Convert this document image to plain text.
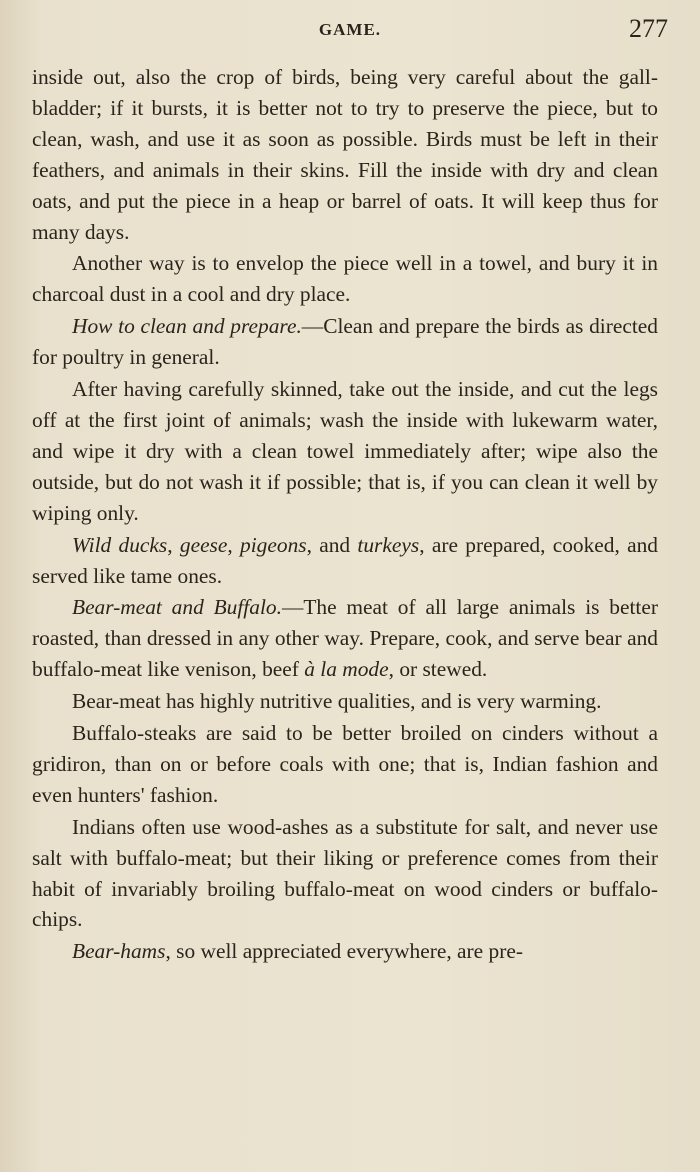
GAME.	277

inside out, also the crop of birds, being very careful about the gall-bladder; if it bursts, it is better not to try to preserve the piece, but to clean, wash, and use it as soon as possible. Birds must be left in their feathers, and animals in their skins. Fill the inside with dry and clean oats, and put the piece in a heap or barrel of oats. It will keep thus for many days.

Another way is to envelop the piece well in a towel, and bury it in charcoal dust in a cool and dry place.

How to clean and prepare.—Clean and prepare the birds as directed for poultry in general.

After having carefully skinned, take out the inside, and cut the legs off at the first joint of animals; wash the inside with lukewarm water, and wipe it dry with a clean towel immediately after; wipe also the outside, but do not wash it if possible; that is, if you can clean it well by wiping only.

Wild ducks, geese, pigeons, and turkeys, are prepared, cooked, and served like tame ones.

Bear-meat and Buffalo.—The meat of all large animals is better roasted, than dressed in any other way. Prepare, cook, and serve bear and buffalo-meat like venison, beef à la mode, or stewed.

Bear-meat has highly nutritive qualities, and is very warming.

Buffalo-steaks are said to be better broiled on cinders without a gridiron, than on or before coals with one; that is, Indian fashion and even hunters' fashion.

Indians often use wood-ashes as a substitute for salt, and never use salt with buffalo-meat; but their liking or preference comes from their habit of invariably broiling buffalo-meat on wood cinders or buffalo-chips.

Bear-hams, so well appreciated everywhere, are pre-
